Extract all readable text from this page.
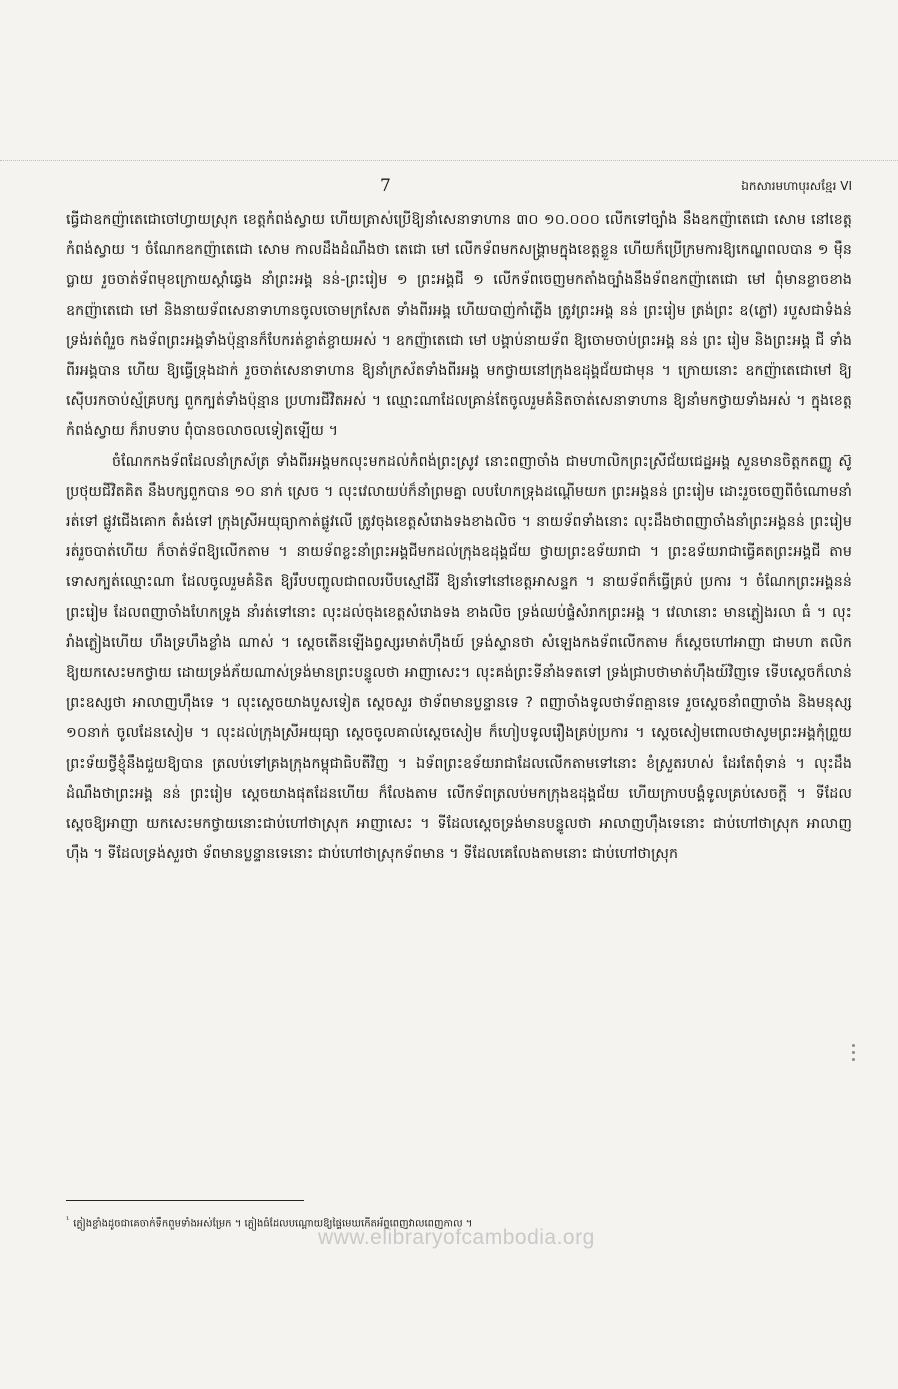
7	ឯកសារមហាបុរសខ្មែរ VI

ធ្វើជាឧកញ៉ាតេជោចៅហ្វាយស្រុក ខេត្តកំពង់ស្វាយ ហើយត្រាស់ប្រើឱ្យនាំសេនាទាហាន ៣០ ១០.០០០ លើកទៅច្បាំង នឹងឧកញ៉ាតេជោ សោម នៅខេត្តកំពង់ស្វាយ ។ ចំណែកឧកញ៉ាតេជោ សោម កាលដឹងដំណឹងថា តេជោ មៅ លើកទ័ពមកសង្គ្រាមក្នុងខេត្តខ្លួន ហើយក៏ប្រើក្រមការឱ្យកេណ្ឌពលបាន ១ ម៉ឺនប្លាយ រួចចាត់ទ័ពមុខក្រោយស្តាំឆ្វេង នាំព្រះអង្គ នន់-ព្រះរៀម ១ ព្រះអង្គជី ១ លើកទ័ពចេញមកតាំងច្បាំងនឹងទ័ពឧកញ៉ាតេជោ មៅ ពុំមានខ្លាចខាងឧកញ៉ាតេជោ មៅ និងនាយទ័ពសេនាទាហានចូលចោមក្រសែត ទាំងពីរអង្គ ហើយបាញ់កាំភ្លើង ត្រូវព្រះអង្គ នន់ ព្រះរៀម ត្រង់ព្រះ ឧ(ភ្លៅ) របួសជាទំងន់ ទ្រង់រត់ពុំរួច កងទ័ពព្រះអង្គទាំងប៉ុន្មានក៏បែករត់ខ្ចាត់ខ្ចាយអស់ ។ ឧកញ៉ាតេជោ មៅ បង្គាប់នាយទ័ព ឱ្យចោមចាប់ព្រះអង្គ នន់ ព្រះ រៀម និងព្រះអង្គ ជី ទាំងពីរអង្គបាន ហើយ ឱ្យធ្វើទ្រុងដាក់ រួចចាត់សេនាទាហាន ឱ្យនាំក្រស័តទាំងពីរអង្គ មកថ្វាយនៅក្រុងឧដុង្គជ័យជាមុន ។ ក្រោយនោះ ឧកញ៉ាតេជោមៅ ឱ្យស៊ើបរកចាប់ស្ម័គ្របក្ស ពួកក្បត់ទាំងប៉ុន្មាន ប្រហារជីវិតអស់ ។ ឈ្មោះណាដែលគ្រាន់តែចូលរួមគំនិតចាត់សេនាទាហាន ឱ្យនាំមកថ្វាយទាំងអស់ ។ ក្នុងខេត្តកំពង់ស្វាយ ក៏រាបទាប ពុំបានចលាចលទៀតឡើយ ។

ចំណែកកងទ័ពដែលនាំក្រស័ត្រ ទាំងពីរអង្គមកលុះមកដល់កំពង់ព្រះស្រូវ នោះពញាចាំង ជាមហាលិកព្រះស្រីជ័យជេដ្ឋអង្គ សួនមានចិត្តកតញ្ញូ ស៊ូប្រថុយជីវិតគិត នឹងបក្សពួកបាន ១០ នាក់ ស្រេច ។ លុះវេលាយប់ក៏នាំព្រមគ្នា លបហែកទ្រុងដណ្តើមយក ព្រះអង្គនន់ ព្រះរៀម ដោះរួចចេញពីចំណោមនាំរត់ទៅ ផ្លូវជើងគោក តំរង់ទៅ ក្រុងស្រីអយុធ្យាកាត់ផ្លូវលើ ត្រូវចុងខេត្តសំរោងទងខាងលិច ។ នាយទ័ពទាំងនោះ លុះដឹងថាពញាចាំងនាំព្រះអង្គនន់ ព្រះរៀម រត់រួចបាត់ហើយ ក៏ចាត់ទ័ពឱ្យលើកតាម ។ នាយទ័ពខ្លះនាំព្រះអង្គជីមកដល់ក្រុងឧដុង្គជ័យ ថ្វាយព្រះឧទ័យរាជា ។ ព្រះឧទ័យរាជាធ្វើគតព្រះអង្គជី តាមទោសក្បត់ឈ្មោះណា ដែលចូលរួមគំនិត ឱ្យរឹបបញ្ចូលជាពលរបីបស្មៅដីរី ឱ្យនាំទៅនៅខេត្តអាសន្ទក ។ នាយទ័ពក៏ធ្វើគ្រប់ ប្រការ ។ ចំណែកព្រះអង្គនន់ ព្រះរៀម ដែលពញាចាំងហែកទ្រូង នាំរត់ទៅនោះ លុះដល់ចុងខេត្តសំរោងទង ខាងលិច ទ្រង់ឈប់ផ្ទំសំរាកព្រះអង្គ ។ វេលានោះ មានភ្លៀងរលា ធំ ។ លុះរាំងភ្លៀងហើយ ហឹងទ្រហឹងខ្លាំង ណាស់ ។ ស្តេចតើនឡើងព្វស្សរមាត់ហ៊ឹងយ៍ ទ្រង់ស្ទានថា សំឡេងកងទ័ពលើកតាម ក៏ស្តេចហៅអាញា ជាមហា តលិក ឱ្យយកសេះមកថ្វាយ ដោយទ្រង់ភ័យណាស់ទ្រង់មានព្រះបន្ទូលថា អាញាសេះ។ លុះគង់ព្រះទីនាំងទតទៅ ទ្រង់ជ្រាបថាមាត់ហ៊ឹងយ៍វិញទេ ទើបស្តេចក៏លាន់ព្រះឧស្សថា អាលាញហ៊ឹងទេ ។ លុះស្តេចយាងបួសទៀត ស្តេចសួរ ថាទ័ពមានប្លន្ទានទេ ? ពញាចាំងទូលថាទ័ពគ្មានទេ រួចស្តេចនាំពញាចាំង និងមនុស្ស ១០នាក់ ចូលដែនសៀម ។ លុះដល់ក្រុងស្រីអយុធ្យា ស្តេចចូលគាល់ស្តេចសៀម ក៏ហៀបទូលរឿងគ្រប់ប្រការ ។ ស្តេចសៀមពោលថាសូមព្រះអង្គកុំព្រួយព្រះទ័យថ្វីខ្ញុំនឹងជួយឱ្យបាន ត្រលប់ទៅគ្រងក្រុងកម្ពុជាធិបតីវិញ ។ ឯទ័ពព្រះឧទ័យរាជាដែលលើកតាមទៅនោះ ខំស្រួតរហស់ ដែរតែពុំទាន់ ។ លុះដឹងដំណឹងថាព្រះអង្គ នន់ ព្រះរៀម ស្តេចយាងផុតដែនហើយ ក៏លែងតាម លើកទ័ពត្រលប់មកក្រុងឧដុង្គជ័យ ហើយក្រាបបង្គំទូលគ្រប់សេចក្តី ។ ទីដែលស្តេចឱ្យអាញា យកសេះមកថ្វាយនោះជាប់ហៅថាស្រុក អាញាសេះ ។ ទីដែលស្តេចទ្រង់មានបន្ទូលថា អាលាញហ៊ឹងទេនោះ ជាប់ហៅថាស្រុក អាលាញហ៊ឹង ។ ទីដែលទ្រង់សួរថា ទ័ពមានប្លន្ទានទេនោះ ជាប់ហៅថាស្រុកទ័ពមាន ។ ទីដែលគេលែងតាមនោះ ជាប់ហៅថាស្រុក

$^{^1}$ ភ្លៀងខ្លាំងដូចជាគេចាក់ទឹកពួមទាំងអស់ម្រែក ។ ភ្លៀងធំដែលបណ្តោយឱ្យផ្ទៃមេឃកើតអ័ព្ទពេញវាលពេញកាល ។
www.elibraryofcambodia.org
